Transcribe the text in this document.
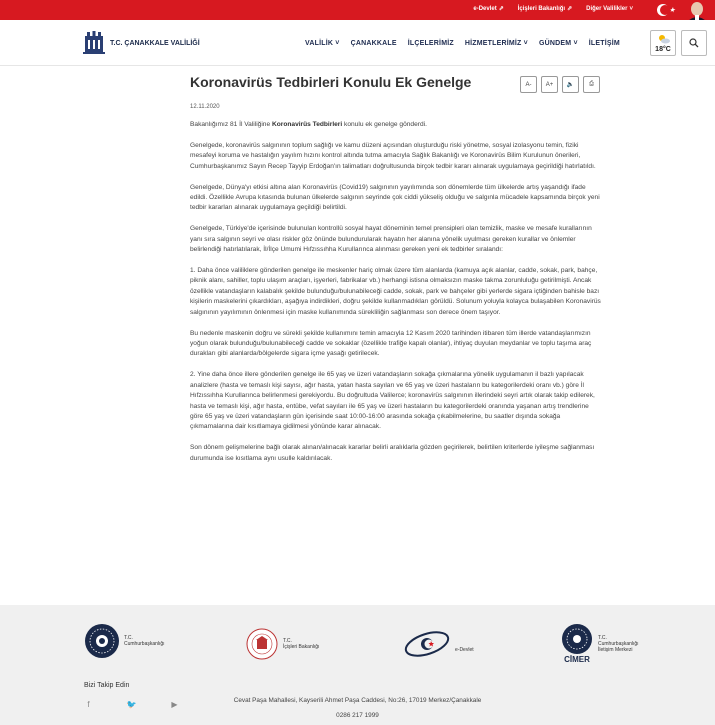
e-Devlet ⇗ İçişleri Bakanlığı ⇗ Diğer Valilikler ˅
T.C. ÇANAKKALE VALİLİĞİ	VALİLİK ˅ ÇANAKKALE İLÇELERİMİZ HİZMETLERİMİZ ˅ GÜNDEM ˅ İLETİŞİM
18°C
Koronavirüs Tedbirleri Konulu Ek Genelge	A-	A+	🔈	⎙
12.11.2020

Bakanlığımız 81 İl Valiliğine Koronavirüs Tedbirleri konulu ek genelge gönderdi.

Genelgede, koronavirüs salgınının toplum sağlığı ve kamu düzeni açısından oluşturduğu riski yönetme, sosyal izolasyonu temin, fiziki mesafeyi koruma ve hastalığın yayılım hızını kontrol altında tutma amacıyla Sağlık Bakanlığı ve Koronavirüs Bilim Kurulunun önerileri, Cumhurbaşkanımız Sayın Recep Tayyip Erdoğan'ın talimatları doğrultusunda birçok tedbir kararı alınarak uygulamaya geçirildiği hatırlatıldı.

Genelgede, Dünya'yı etkisi altına alan Koronavirüs (Covid19) salgınının yayılımında son dönemlerde tüm ülkelerde artış yaşandığı ifade edildi. Özellikle Avrupa kıtasında bulunan ülkelerde salgının seyrinde çok ciddi yükseliş olduğu ve salgınla mücadele kapsamında birçok yeni tedbir kararları alınarak uygulamaya geçildiği belirtildi.

Genelgede, Türkiye'de içerisinde bulunulan kontrollü sosyal hayat döneminin temel prensipleri olan temizlik, maske ve mesafe kurallarının yanı sıra salgının seyri ve olası riskler göz önünde bulundurularak hayatın her alanına yönelik uyulması gereken kurallar ve önlemler belirlendiği hatırlatılarak, İl/İlçe Umumi Hıfzıssıhha Kurullarınca alınması gereken yeni ek tedbirler sıralandı:

1. Daha önce valiliklere gönderilen genelge ile meskenler hariç olmak üzere tüm alanlarda (kamuya açık alanlar, cadde, sokak, park, bahçe, piknik alanı, sahiller, toplu ulaşım araçları, işyerleri, fabrikalar vb.) herhangi istisna olmaksızın maske takma zorunluluğu getirilmişti. Ancak özellikle vatandaşların kalabalık şekilde bulunduğu/bulunabileceği cadde, sokak, park ve bahçeler gibi yerlerde sigara içtiğinden bahisle bazı kişilerin maskelerini çıkardıkları, aşağıya indirdikleri, doğru şekilde kullanmadıkları görüldü. Solunum yoluyla kolayca bulaşabilen Koronavirüs salgınının yayılımının önlenmesi için maske kullanımında sürekliliğin sağlanması son derece önem taşıyor.

Bu nedenle maskenin doğru ve sürekli şekilde kullanımını temin amacıyla 12 Kasım 2020 tarihinden itibaren tüm illerde vatandaşlarımızın yoğun olarak bulunduğu/bulunabileceği cadde ve sokaklar (özellikle trafiğe kapalı olanlar), ihtiyaç duyulan meydanlar ve toplu taşıma araç durakları gibi alanlarda/bölgelerde sigara içme yasağı getirilecek.

2. Yine daha önce illere gönderilen genelge ile 65 yaş ve üzeri vatandaşların sokağa çıkmalarına yönelik uygulamanın il bazlı yapılacak analizlere (hasta ve temaslı kişi sayısı, ağır hasta, yatan hasta sayıları ve 65 yaş ve üzeri hastaların bu kategorilerdeki oranı vb.) göre İl Hıfzıssıhha Kurullarınca belirlenmesi gerekiyordu. Bu doğrultuda Valilerce; koronavirüs salgınının illerindeki seyri artık olarak takip edilerek, hasta ve temaslı kişi, ağır hasta, entübe, vefat sayıları ile 65 yaş ve üzeri hastaların bu kategorilerdeki oranında yaşanan artış trendlerine göre 65 yaş ve üzeri vatandaşların gün içerisinde saat 10:00-16:00 arasında sokağa çıkabilmelerine, bu saatler dışında sokağa çıkmamalarına dair kısıtlamaya gidilmesi yönünde karar alınacak.

Son dönem gelişmelerine bağlı olarak alınan/alınacak kararlar belirli aralıklarla gözden geçirilerek, belirtilen kriterlerde iyileşme sağlanması durumunda ise kısıtlama aynı usulle kaldırılacak.

T.C.
Cumhurbaşkanlığı	T.C.
İçişleri Bakanlığı	e-Devlet
CİMER
T.C.
Cumhurbaşkanlığı
İletişim Merkezi
Bizi Takip Edin
f	🐦	▶	Cevat Paşa Mahallesi, Kayserili Ahmet Paşa Caddesi, No:26, 17019 Merkez/Çanakkale
0286 217 1999
